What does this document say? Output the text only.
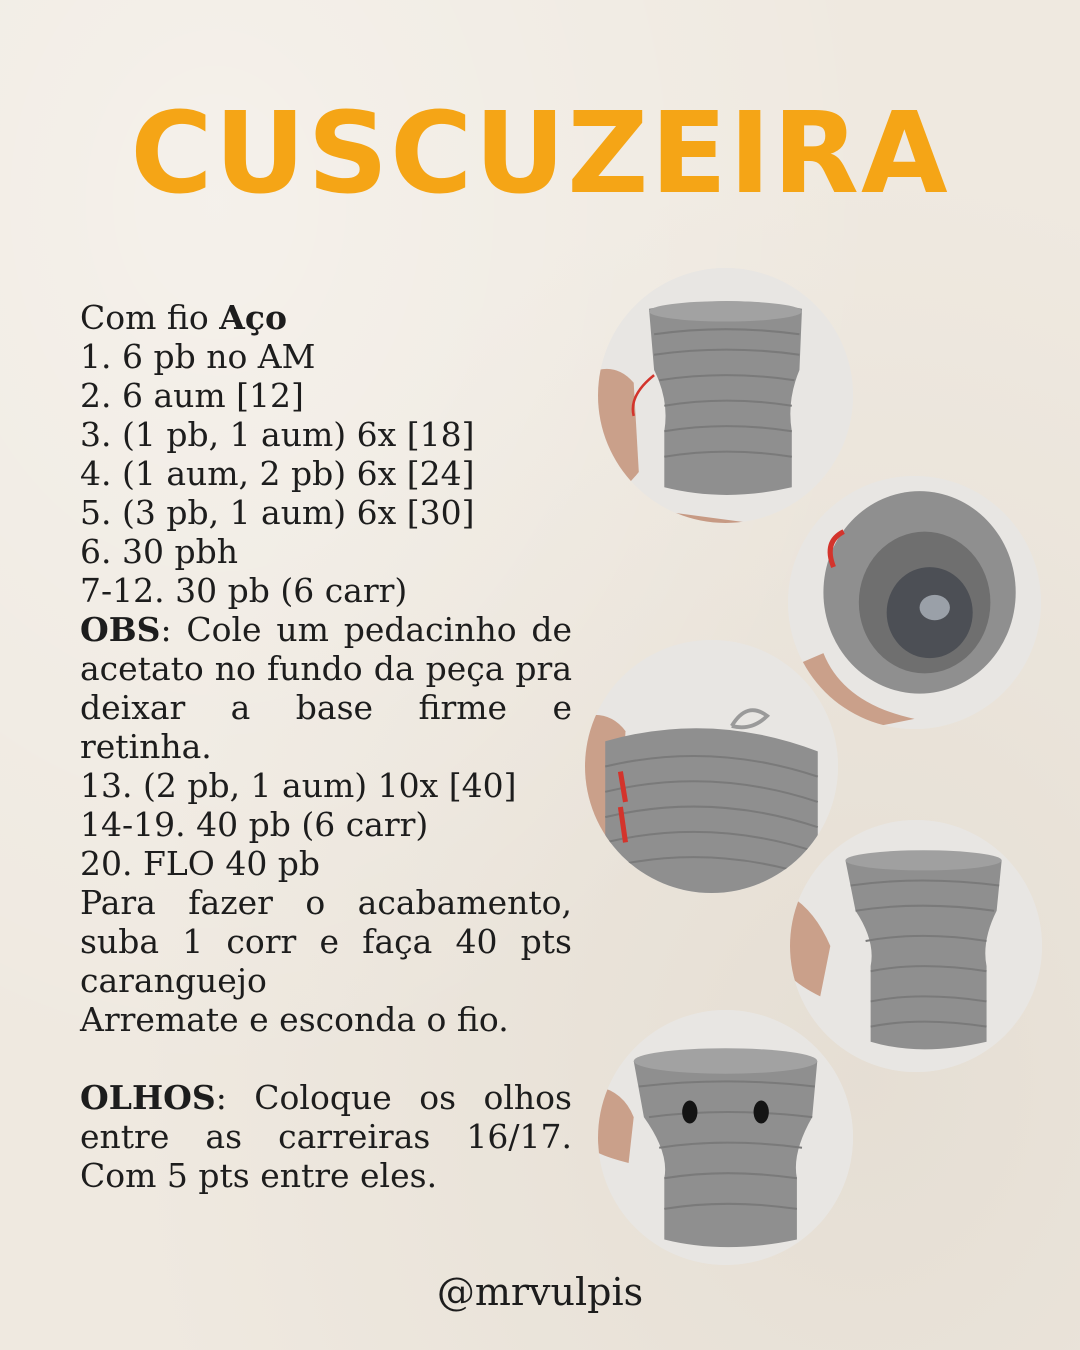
CUSCUZEIRA
Com fio Aço
1. 6 pb no AM
2. 6 aum [12]
3. (1 pb, 1 aum) 6x [18]
4. (1 aum, 2 pb) 6x [24]
5. (3 pb, 1 aum) 6x [30]
6. 30 pbh
7-12. 30 pb (6 carr)
OBS: Cole um pedacinho de acetato no fundo da peça pra deixar a base firme e retinha.
13. (2 pb, 1 aum) 10x [40]
14-19. 40 pb (6 carr)
20. FLO 40 pb
Para fazer o acabamento, suba 1 corr e faça 40 pts caranguejo
Arremate e esconda o fio.
OLHOS: Coloque os olhos entre as carreiras 16/17. Com 5 pts entre eles.
@mrvulpis
